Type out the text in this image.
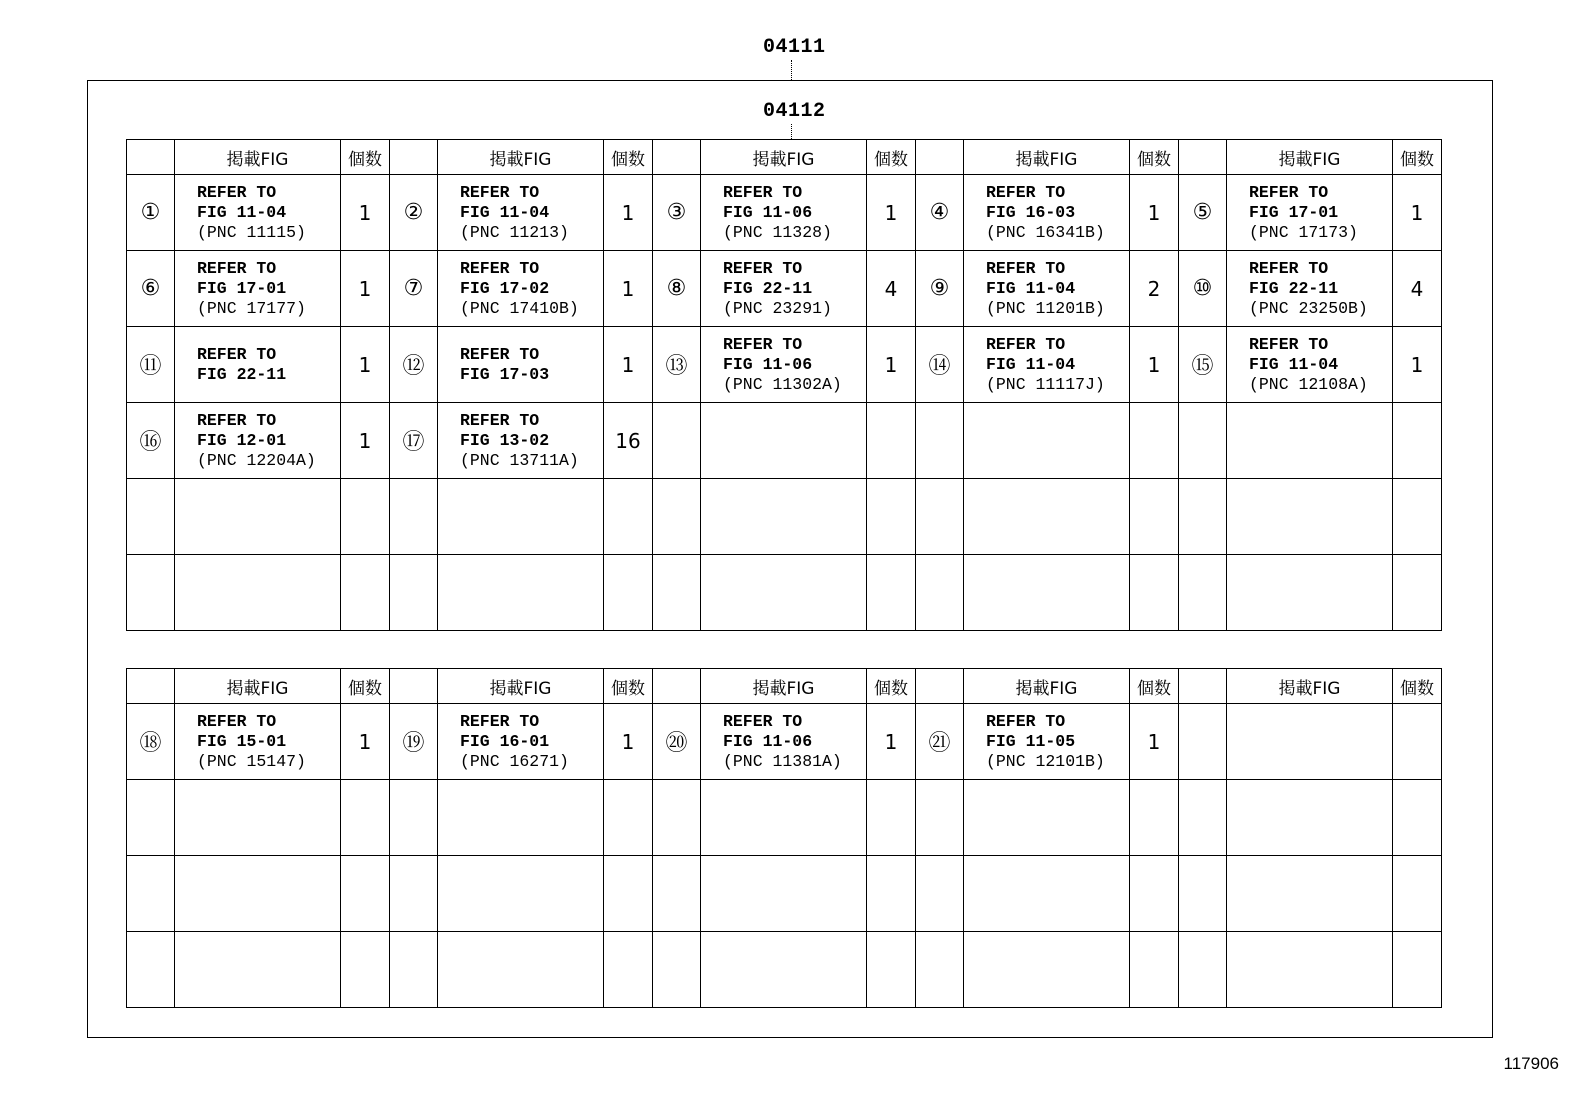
04111
04112
	掲載FIG	個数		掲載FIG	個数		掲載FIG	個数		掲載FIG	個数		掲載FIG	個数
①	REFER TO
FIG 11-04
(PNC 11115)	1	②	REFER TO
FIG 11-04
(PNC 11213)	1	③	REFER TO
FIG 11-06
(PNC 11328)	1	④	REFER TO
FIG 16-03
(PNC 16341B)	1	⑤	REFER TO
FIG 17-01
(PNC 17173)	1
⑥	REFER TO
FIG 17-01
(PNC 17177)	1	⑦	REFER TO
FIG 17-02
(PNC 17410B)	1	⑧	REFER TO
FIG 22-11
(PNC 23291)	4	⑨	REFER TO
FIG 11-04
(PNC 11201B)	2	⑩	REFER TO
FIG 22-11
(PNC 23250B)	4
⑪	REFER TO
FIG 22-11	1	⑫	REFER TO
FIG 17-03	1	⑬	REFER TO
FIG 11-06
(PNC 11302A)	1	⑭	REFER TO
FIG 11-04
(PNC 11117J)	1	⑮	REFER TO
FIG 11-04
(PNC 12108A)	1
⑯	REFER TO
FIG 12-01
(PNC 12204A)	1	⑰	REFER TO
FIG 13-02
(PNC 13711A)	16		

	掲載FIG	個数		掲載FIG	個数		掲載FIG	個数		掲載FIG	個数		掲載FIG	個数
⑱	REFER TO
FIG 15-01
(PNC 15147)	1	⑲	REFER TO
FIG 16-01
(PNC 16271)	1	⑳	REFER TO
FIG 11-06
(PNC 11381A)	1	㉑	REFER TO
FIG 11-05
(PNC 12101B)	1		

117906
